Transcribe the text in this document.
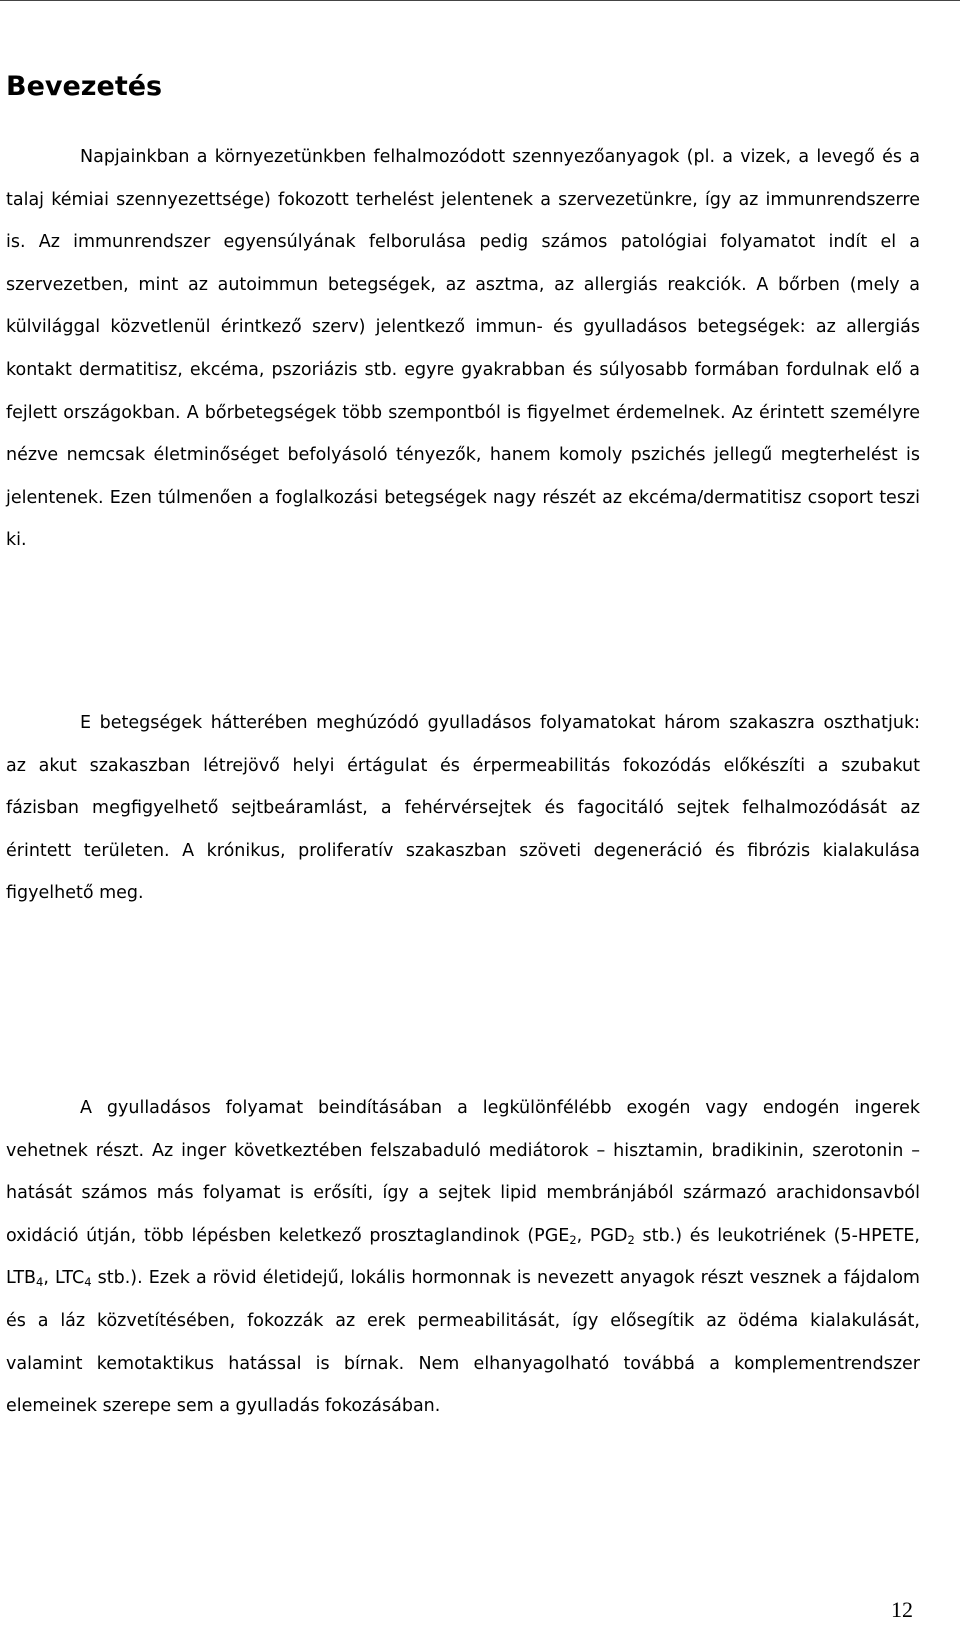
Bevezetés

Napjainkban a környezetünkben felhalmozódott szennyezőanyagok (pl. a vizek, a levegő és a talaj kémiai szennyezettsége) fokozott terhelést jelentenek a szervezetünkre, így az immunrendszerre is. Az immunrendszer egyensúlyának felborulása pedig számos patológiai folyamatot indít el a szervezetben, mint az autoimmun betegségek, az asztma, az allergiás reakciók. A bőrben (mely a külvilággal közvetlenül érintkező szerv) jelentkező immun- és gyulladásos betegségek: az allergiás kontakt dermatitisz, ekcéma, pszoriázis stb. egyre gyakrabban és súlyosabb formában fordulnak elő a fejlett országokban. A bőrbetegségek több szempontból is figyelmet érdemelnek. Az érintett személyre nézve nemcsak életminőséget befolyásoló tényezők, hanem komoly pszichés jellegű megterhelést is jelentenek. Ezen túlmenően a foglalkozási betegségek nagy részét az ekcéma/dermatitisz csoport teszi ki.

E betegségek hátterében meghúzódó gyulladásos folyamatokat három szakaszra oszthatjuk: az akut szakaszban létrejövő helyi értágulat és érpermeabilitás fokozódás előkészíti a szubakut fázisban megfigyelhető sejtbeáramlást, a fehérvérsejtek és fagocitáló sejtek felhalmozódását az érintett területen. A krónikus, proliferatív szakaszban szöveti degeneráció és fibrózis kialakulása figyelhető meg.

A gyulladásos folyamat beindításában a legkülönfélébb exogén vagy endogén ingerek vehetnek részt. Az inger következtében felszabaduló mediátorok – hisztamin, bradikinin, szerotonin – hatását számos más folyamat is erősíti, így a sejtek lipid membránjából származó arachidonsavból oxidáció útján, több lépésben keletkező prosztaglandinok ($PGE_2$, $PGD_2$ stb.) és leukotriének (5-HPETE, $LTB_4$, $LTC_4$ stb.). Ezek a rövid életidejű, lokális hormonnak is nevezett anyagok részt vesznek a fájdalom és a láz közvetítésében, fokozzák az erek permeabilitását, így elősegítik az ödéma kialakulását, valamint kemotaktikus hatással is bírnak. Nem elhanyagolható továbbá a komplementrendszer elemeinek szerepe sem a gyulladás fokozásában.

12
